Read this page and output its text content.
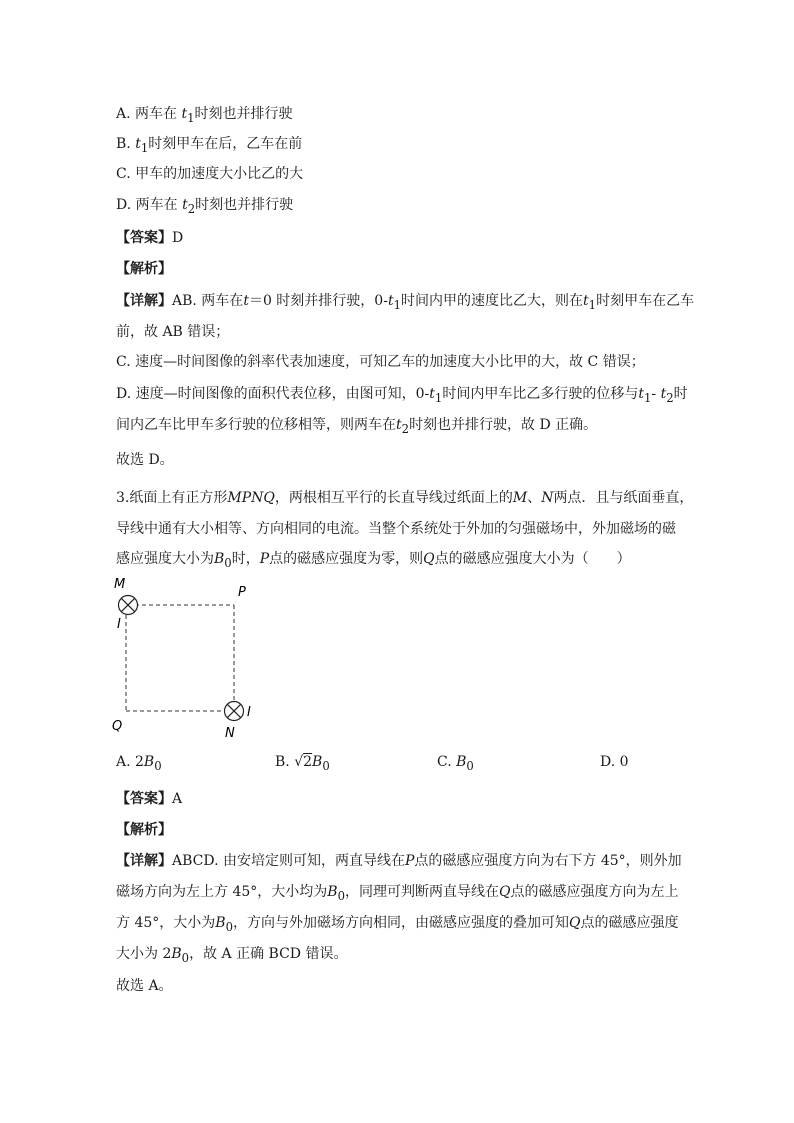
A. 两车在 $t_1$时刻也并排行驶
B. $t_1$时刻甲车在后，乙车在前
C. 甲车的加速度大小比乙的大
D. 两车在 $t_2$时刻也并排行驶
【答案】D
【解析】
【详解】AB. 两车在t＝0 时刻并排行驶，$0-t_1$时间内甲的速度比乙大，则在$t_1$时刻甲车在乙车
前，故 AB 错误；
C. 速度—时间图像的斜率代表加速度，可知乙车的加速度大小比甲的大，故 C 错误；
D. 速度—时间图像的面积代表位移，由图可知，$0-t_1$时间内甲车比乙多行驶的位移与$t_1-$ $t_2$时
间内乙车比甲车多行驶的位移相等，则两车在$t_2$时刻也并排行驶，故 D 正确。
故选 D。
3.纸面上有正方形MPNQ，两根相互平行的长直导线过纸面上的M、N两点．且与纸面垂直，
导线中通有大小相等、方向相同的电流。当整个系统处于外加的匀强磁场中，外加磁场的磁
感应强度大小为$B_0$时，P点的磁感应强度为零，则Q点的磁感应强度大小为（　　）
M
P
I
Q	N
I
A. $2B_0$	B. $√2B_0$	C. $B_0$	D. 0
【答案】A
【解析】
【详解】ABCD. 由安培定则可知，两直导线在P点的磁感应强度方向为右下方 45°，则外加
磁场方向为左上方 45°，大小均为$B_0$，同理可判断两直导线在Q点的磁感应强度方向为左上
方 45°，大小为$B_0$，方向与外加磁场方向相同，由磁感应强度的叠加可知Q点的磁感应强度
大小为 $2B_0$，故 A 正确 BCD 错误。
故选 A。
